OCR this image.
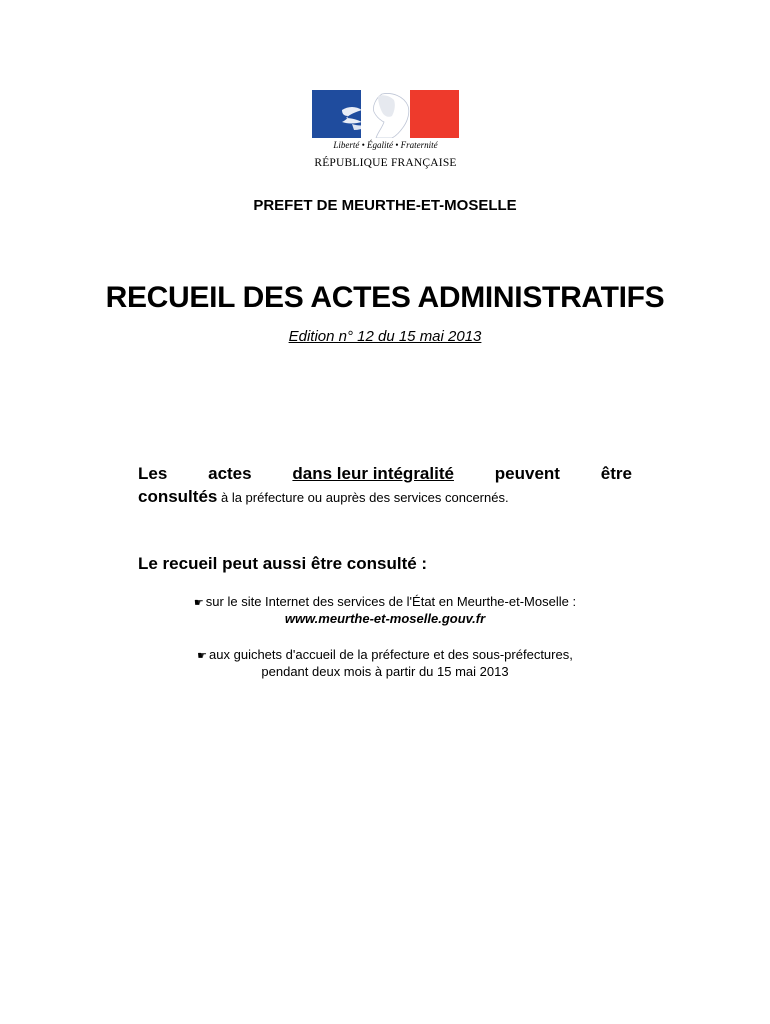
Liberté • Égalité • Fraternité
RÉPUBLIQUE FRANÇAISE
PREFET DE MEURTHE-ET-MOSELLE
RECUEIL DES ACTES ADMINISTRATIFS
Edition n° 12 du 15 mai 2013
Les actes dans leur intégralité peuvent être
consultés à la préfecture ou auprès des services concernés.
Le recueil peut aussi être consulté :
☛ sur le site Internet des services de l'État en Meurthe-et-Moselle :
www.meurthe-et-moselle.gouv.fr
☛ aux guichets d'accueil de la préfecture et des sous-préfectures,
pendant deux mois à partir du 15 mai 2013
